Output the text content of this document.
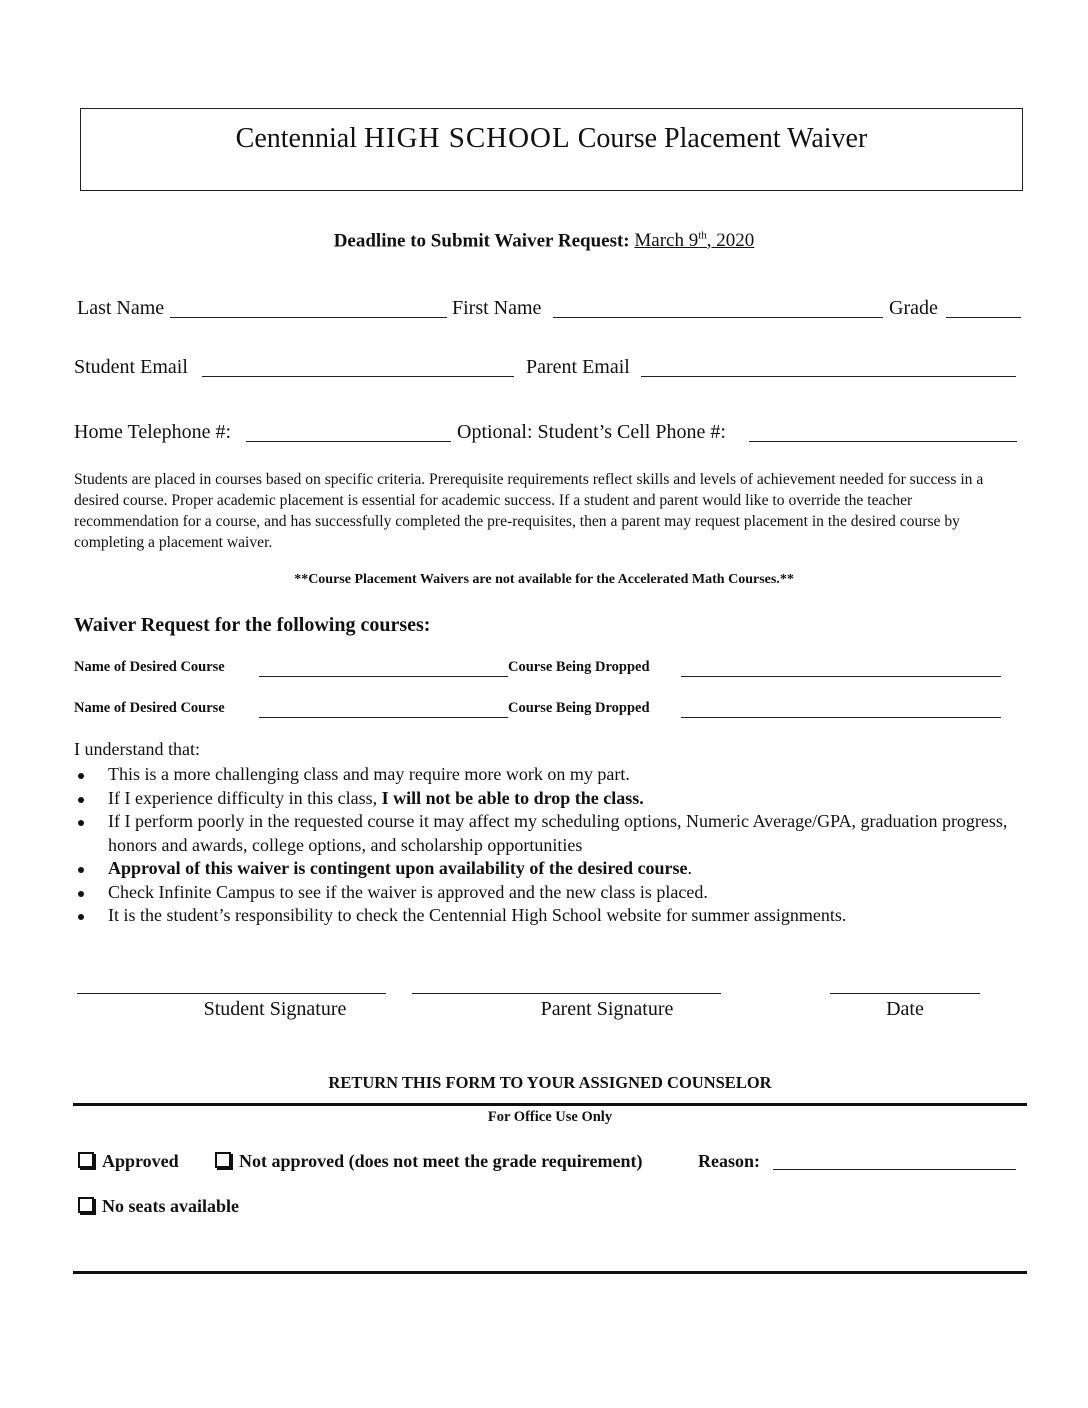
Centennial HIGH SCHOOL Course Placement Waiver
Deadline to Submit Waiver Request: March 9th, 2020
Last Name	First Name	Grade
Student Email	Parent Email
Home Telephone #:	Optional: Student’s Cell Phone #:
Students are placed in courses based on specific criteria. Prerequisite requirements reflect skills and levels of achievement needed for success in a desired course. Proper academic placement is essential for academic success. If a student and parent would like to override the teacher recommendation for a course, and has successfully completed the pre-requisites, then a parent may request placement in the desired course by completing a placement waiver.
**Course Placement Waivers are not available for the Accelerated Math Courses.**
Waiver Request for the following courses:
Name of Desired Course	Course Being Dropped
Name of Desired Course	Course Being Dropped
I understand that:
This is a more challenging class and may require more work on my part.
If I experience difficulty in this class, I will not be able to drop the class.
If I perform poorly in the requested course it may affect my scheduling options, Numeric Average/GPA, graduation progress, honors and awards, college options, and scholarship opportunities
Approval of this waiver is contingent upon availability of the desired course.
Check Infinite Campus to see if the waiver is approved and the new class is placed.
It is the student’s responsibility to check the Centennial High School website for summer assignments.
Student Signature	Parent Signature	Date
RETURN THIS FORM TO YOUR ASSIGNED COUNSELOR
For Office Use Only
Approved	Not approved (does not meet the grade requirement)	Reason:
No seats available
